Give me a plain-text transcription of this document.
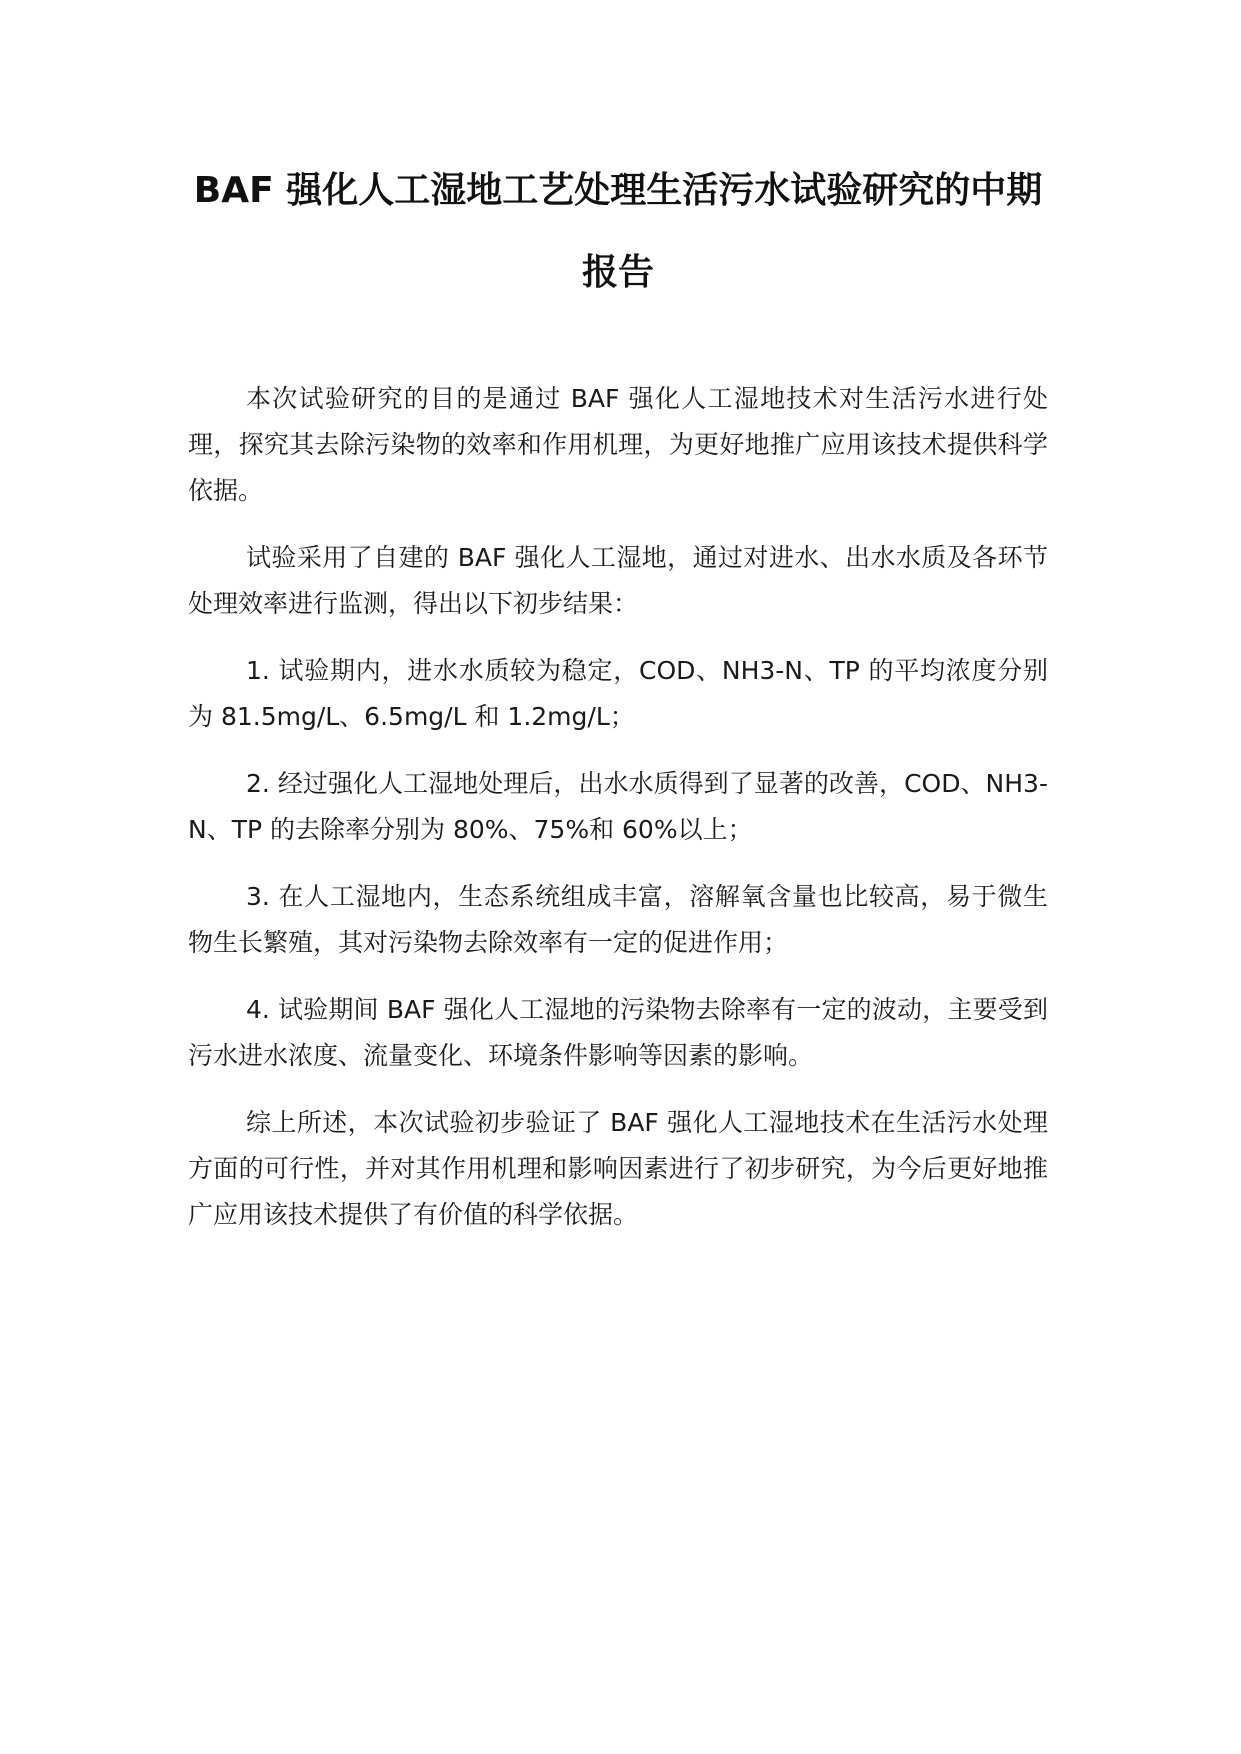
BAF 强化人工湿地工艺处理生活污水试验研究的中期报告

本次试验研究的目的是通过 BAF 强化人工湿地技术对生活污水进行处理，探究其去除污染物的效率和作用机理，为更好地推广应用该技术提供科学依据。

试验采用了自建的 BAF 强化人工湿地，通过对进水、出水水质及各环节处理效率进行监测，得出以下初步结果：

1. 试验期内，进水水质较为稳定，COD、NH3-N、TP 的平均浓度分别为 81.5mg/L、6.5mg/L 和 1.2mg/L；

2. 经过强化人工湿地处理后，出水水质得到了显著的改善，COD、NH3-N、TP 的去除率分别为 80%、75%和 60%以上；

3. 在人工湿地内，生态系统组成丰富，溶解氧含量也比较高，易于微生物生长繁殖，其对污染物去除效率有一定的促进作用；

4. 试验期间 BAF 强化人工湿地的污染物去除率有一定的波动，主要受到污水进水浓度、流量变化、环境条件影响等因素的影响。

综上所述，本次试验初步验证了 BAF 强化人工湿地技术在生活污水处理方面的可行性，并对其作用机理和影响因素进行了初步研究，为今后更好地推广应用该技术提供了有价值的科学依据。
